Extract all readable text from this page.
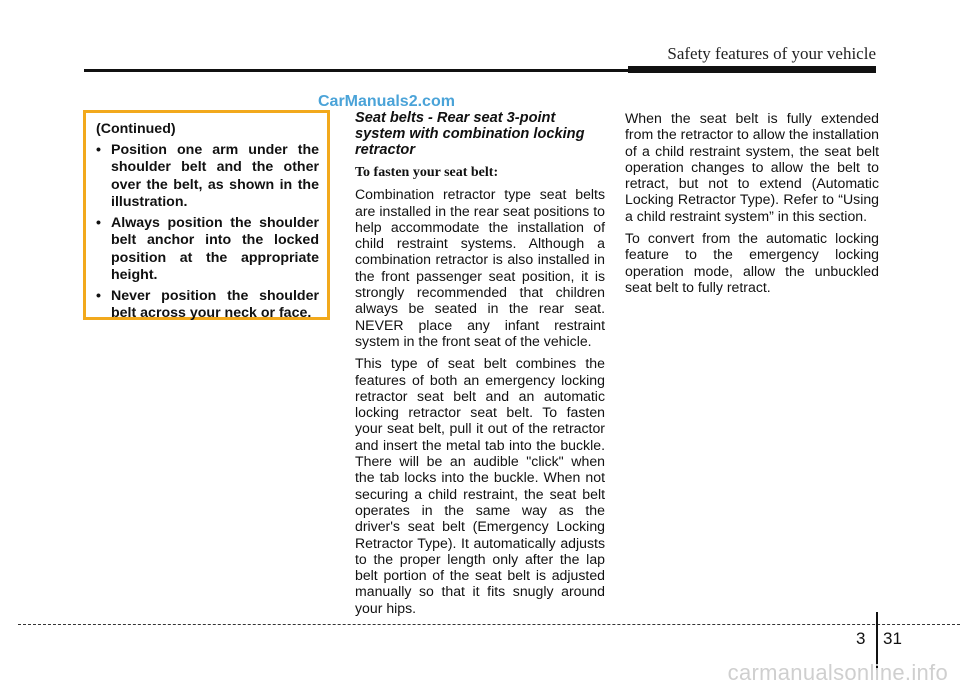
Safety features of your vehicle
CarManuals2.com
(Continued)
• Position one arm under the shoulder belt and the other over the belt, as shown in the illustration.
• Always position the shoulder belt anchor into the locked position at the appropriate height.
• Never position the shoulder belt across your neck or face.
Seat belts - Rear seat 3-point system with combination locking retractor
To fasten your seat belt:

Combination retractor type seat belts are installed in the rear seat positions to help accommodate the installation of child restraint systems. Although a combination retractor is also installed in the front passenger seat position, it is strongly recommended that children always be seated in the rear seat. NEVER place any infant restraint system in the front seat of the vehicle.

This type of seat belt combines the features of both an emergency locking retractor seat belt and an automatic locking retractor seat belt. To fasten your seat belt, pull it out of the retractor and insert the metal tab into the buckle. There will be an audible "click" when the tab locks into the buckle. When not securing a child restraint, the seat belt operates in the same way as the driver's seat belt (Emergency Locking Retractor Type). It automatically adjusts to the proper length only after the lap belt portion of the seat belt is adjusted manually so that it fits snugly around your hips.

When the seat belt is fully extended from the retractor to allow the installation of a child restraint system, the seat belt operation changes to allow the belt to retract, but not to extend (Automatic Locking Retractor Type). Refer to “Using a child restraint system” in this section.

To convert from the automatic locking feature to the emergency locking operation mode, allow the unbuckled seat belt to fully retract.

3 31
carmanualsonline.info
